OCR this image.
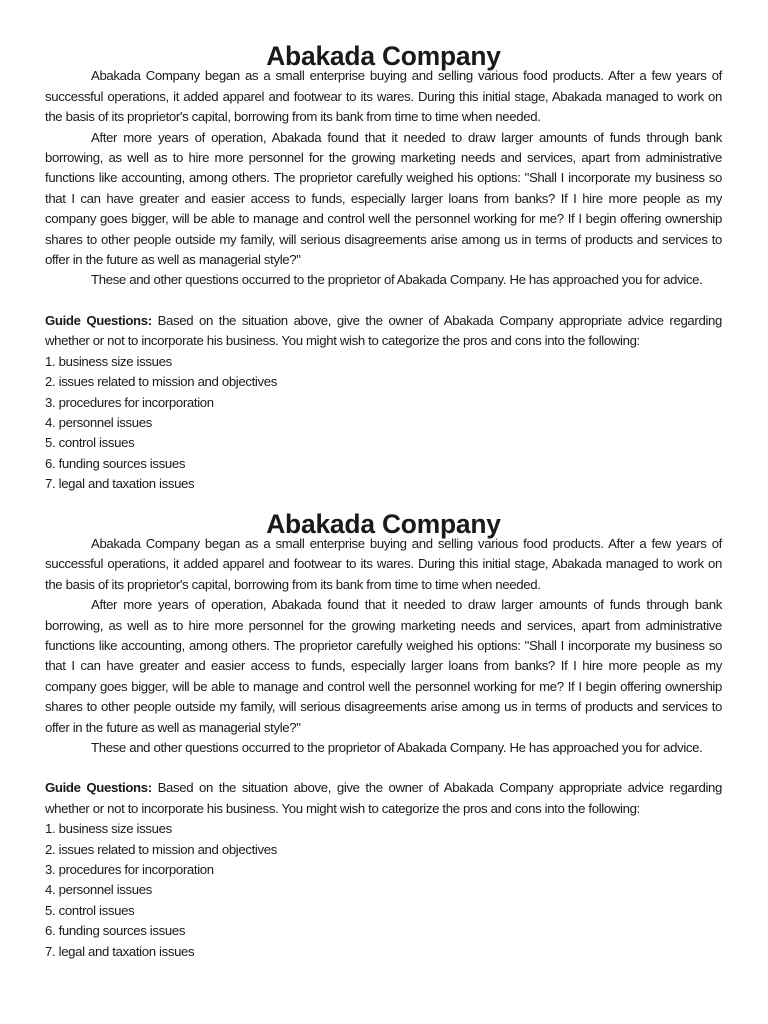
Abakada Company

Abakada Company began as a small enterprise buying and selling various food products. After a few years of successful operations, it added apparel and footwear to its wares. During this initial stage, Abakada managed to work on the basis of its proprietor's capital, borrowing from its bank from time to time when needed.

After more years of operation, Abakada found that it needed to draw larger amounts of funds through bank borrowing, as well as to hire more personnel for the growing marketing needs and services, apart from administrative functions like accounting, among others. The proprietor carefully weighed his options: "Shall I incorporate my business so that I can have greater and easier access to funds, especially larger loans from banks? If I hire more people as my company goes bigger, will be able to manage and control well the personnel working for me? If I begin offering ownership shares to other people outside my family, will serious disagreements arise among us in terms of products and services to offer in the future as well as managerial style?"

These and other questions occurred to the proprietor of Abakada Company. He has approached you for advice.

Guide Questions: Based on the situation above, give the owner of Abakada Company appropriate advice regarding whether or not to incorporate his business. You might wish to categorize the pros and cons into the following:

1. business size issues
2. issues related to mission and objectives
3. procedures for incorporation
4. personnel issues
5. control issues
6. funding sources issues
7. legal and taxation issues
Abakada Company

Abakada Company began as a small enterprise buying and selling various food products. After a few years of successful operations, it added apparel and footwear to its wares. During this initial stage, Abakada managed to work on the basis of its proprietor's capital, borrowing from its bank from time to time when needed.

After more years of operation, Abakada found that it needed to draw larger amounts of funds through bank borrowing, as well as to hire more personnel for the growing marketing needs and services, apart from administrative functions like accounting, among others. The proprietor carefully weighed his options: "Shall I incorporate my business so that I can have greater and easier access to funds, especially larger loans from banks? If I hire more people as my company goes bigger, will be able to manage and control well the personnel working for me? If I begin offering ownership shares to other people outside my family, will serious disagreements arise among us in terms of products and services to offer in the future as well as managerial style?"

These and other questions occurred to the proprietor of Abakada Company. He has approached you for advice.

Guide Questions: Based on the situation above, give the owner of Abakada Company appropriate advice regarding whether or not to incorporate his business. You might wish to categorize the pros and cons into the following:

1. business size issues
2. issues related to mission and objectives
3. procedures for incorporation
4. personnel issues
5. control issues
6. funding sources issues
7. legal and taxation issues
